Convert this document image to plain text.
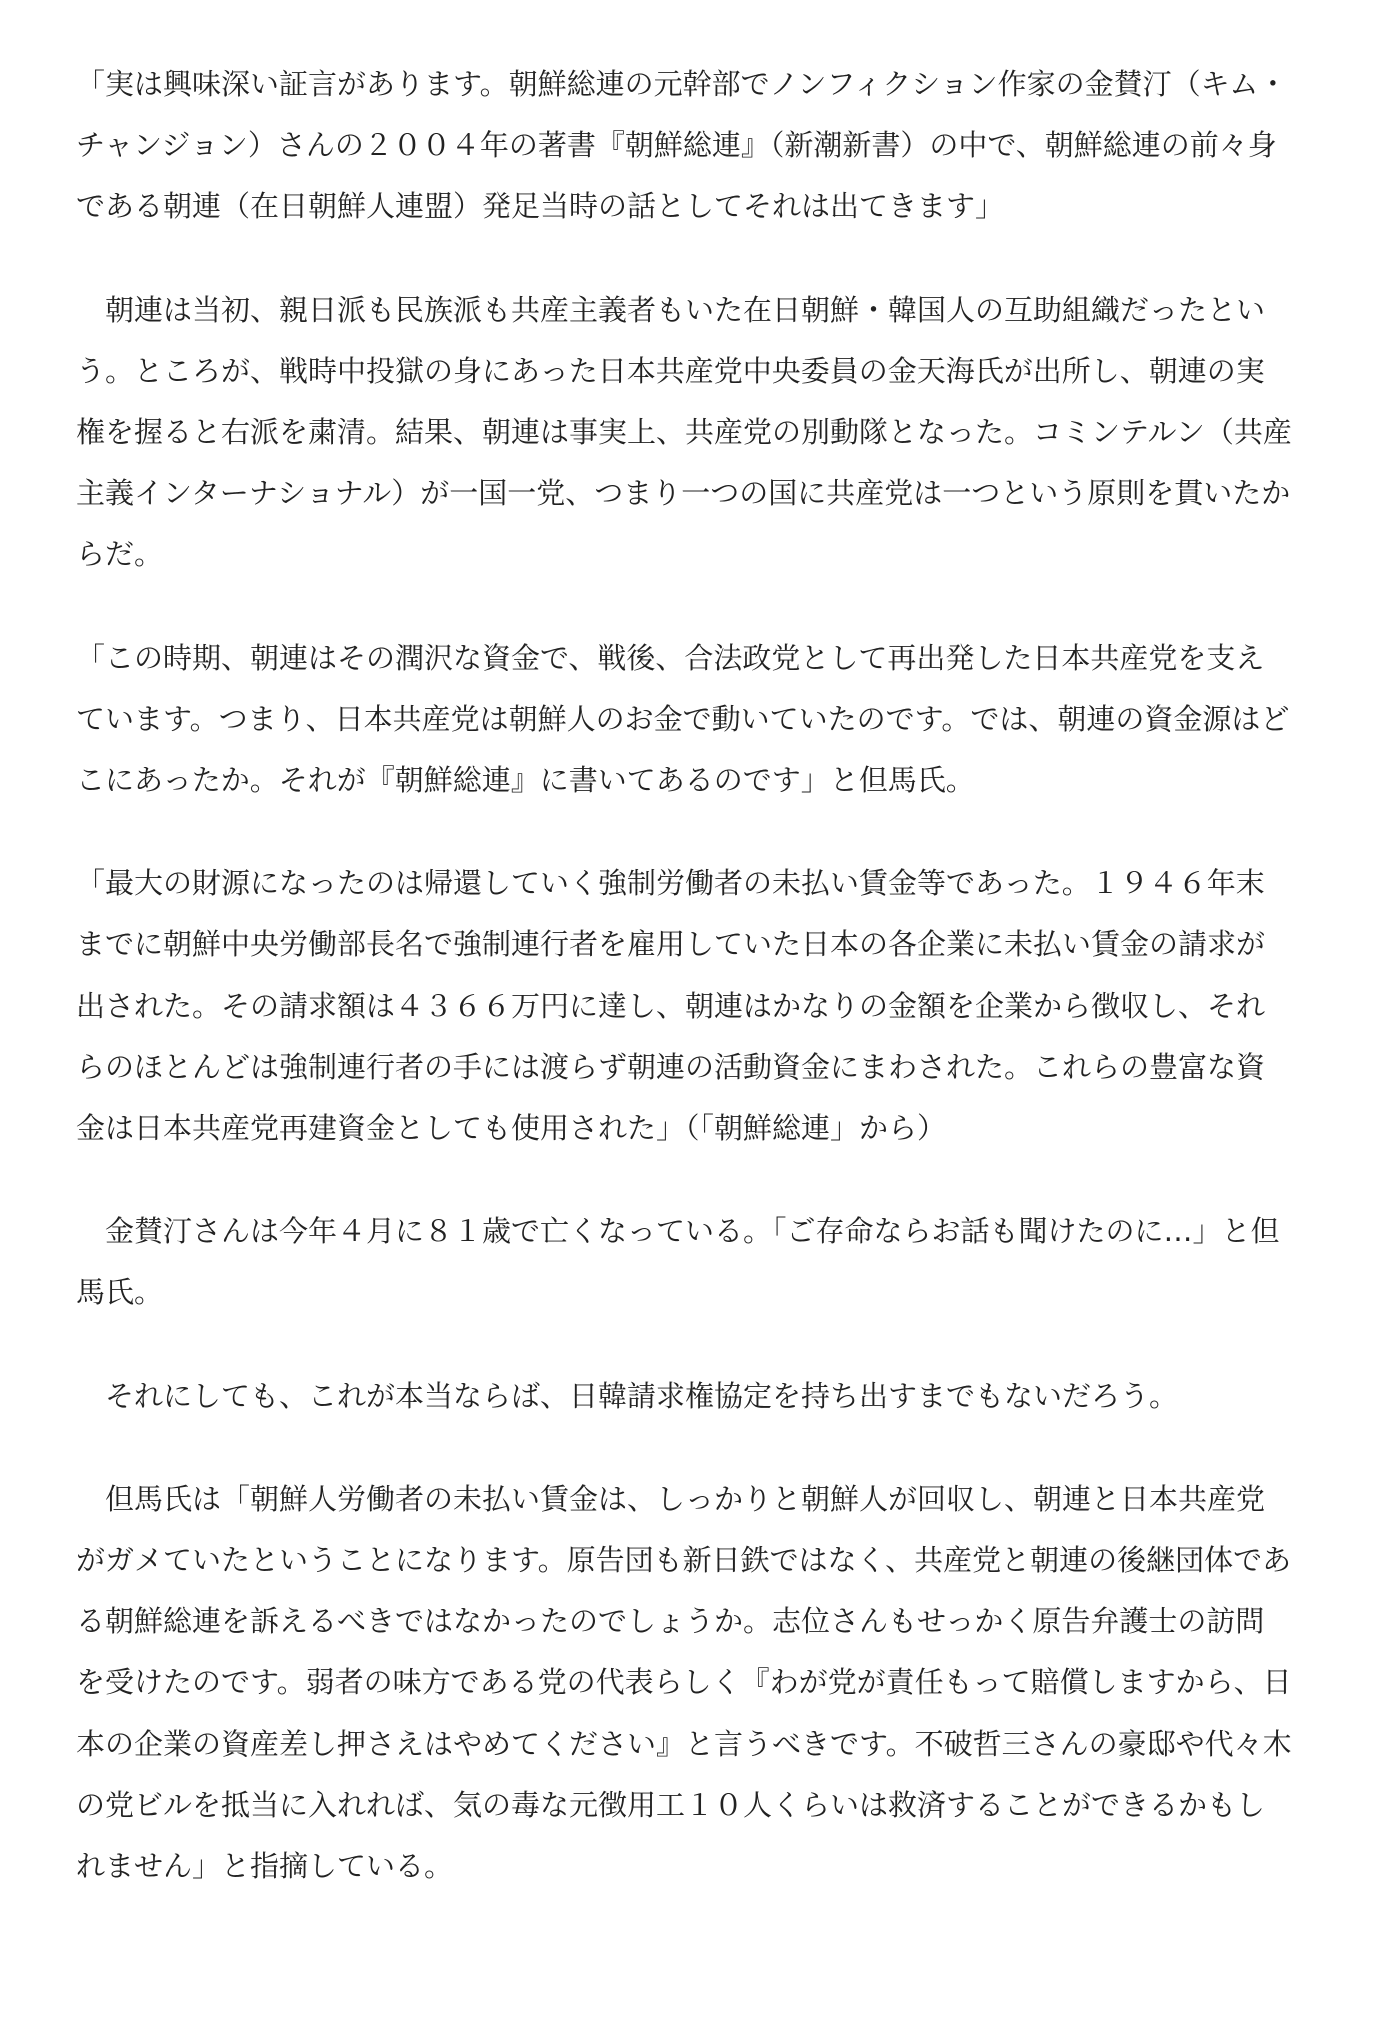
「実は興味深い証言があります。朝鮮総連の元幹部でノンフィクション作家の金賛汀（キム・チャンジョン）さんの２００４年の著書『朝鮮総連』（新潮新書）の中で、朝鮮総連の前々身である朝連（在日朝鮮人連盟）発足当時の話としてそれは出てきます」

朝連は当初、親日派も民族派も共産主義者もいた在日朝鮮・韓国人の互助組織だったという。ところが、戦時中投獄の身にあった日本共産党中央委員の金天海氏が出所し、朝連の実権を握ると右派を粛清。結果、朝連は事実上、共産党の別動隊となった。コミンテルン（共産主義インターナショナル）が一国一党、つまり一つの国に共産党は一つという原則を貫いたからだ。

「この時期、朝連はその潤沢な資金で、戦後、合法政党として再出発した日本共産党を支えています。つまり、日本共産党は朝鮮人のお金で動いていたのです。では、朝連の資金源はどこにあったか。それが『朝鮮総連』に書いてあるのです」と但馬氏。

「最大の財源になったのは帰還していく強制労働者の未払い賃金等であった。１９４６年末までに朝鮮中央労働部長名で強制連行者を雇用していた日本の各企業に未払い賃金の請求が出された。その請求額は４３６６万円に達し、朝連はかなりの金額を企業から徴収し、それらのほとんどは強制連行者の手には渡らず朝連の活動資金にまわされた。これらの豊富な資金は日本共産党再建資金としても使用された」（「朝鮮総連」から）

金賛汀さんは今年４月に８１歳で亡くなっている。「ご存命ならお話も聞けたのに…」と但馬氏。

それにしても、これが本当ならば、日韓請求権協定を持ち出すまでもないだろう。

但馬氏は「朝鮮人労働者の未払い賃金は、しっかりと朝鮮人が回収し、朝連と日本共産党がガメていたということになります。原告団も新日鉄ではなく、共産党と朝連の後継団体である朝鮮総連を訴えるべきではなかったのでしょうか。志位さんもせっかく原告弁護士の訪問を受けたのです。弱者の味方である党の代表らしく『わが党が責任もって賠償しますから、日本の企業の資産差し押さえはやめてください』と言うべきです。不破哲三さんの豪邸や代々木の党ビルを抵当に入れれば、気の毒な元徴用工１０人くらいは救済することができるかもしれません」と指摘している。
